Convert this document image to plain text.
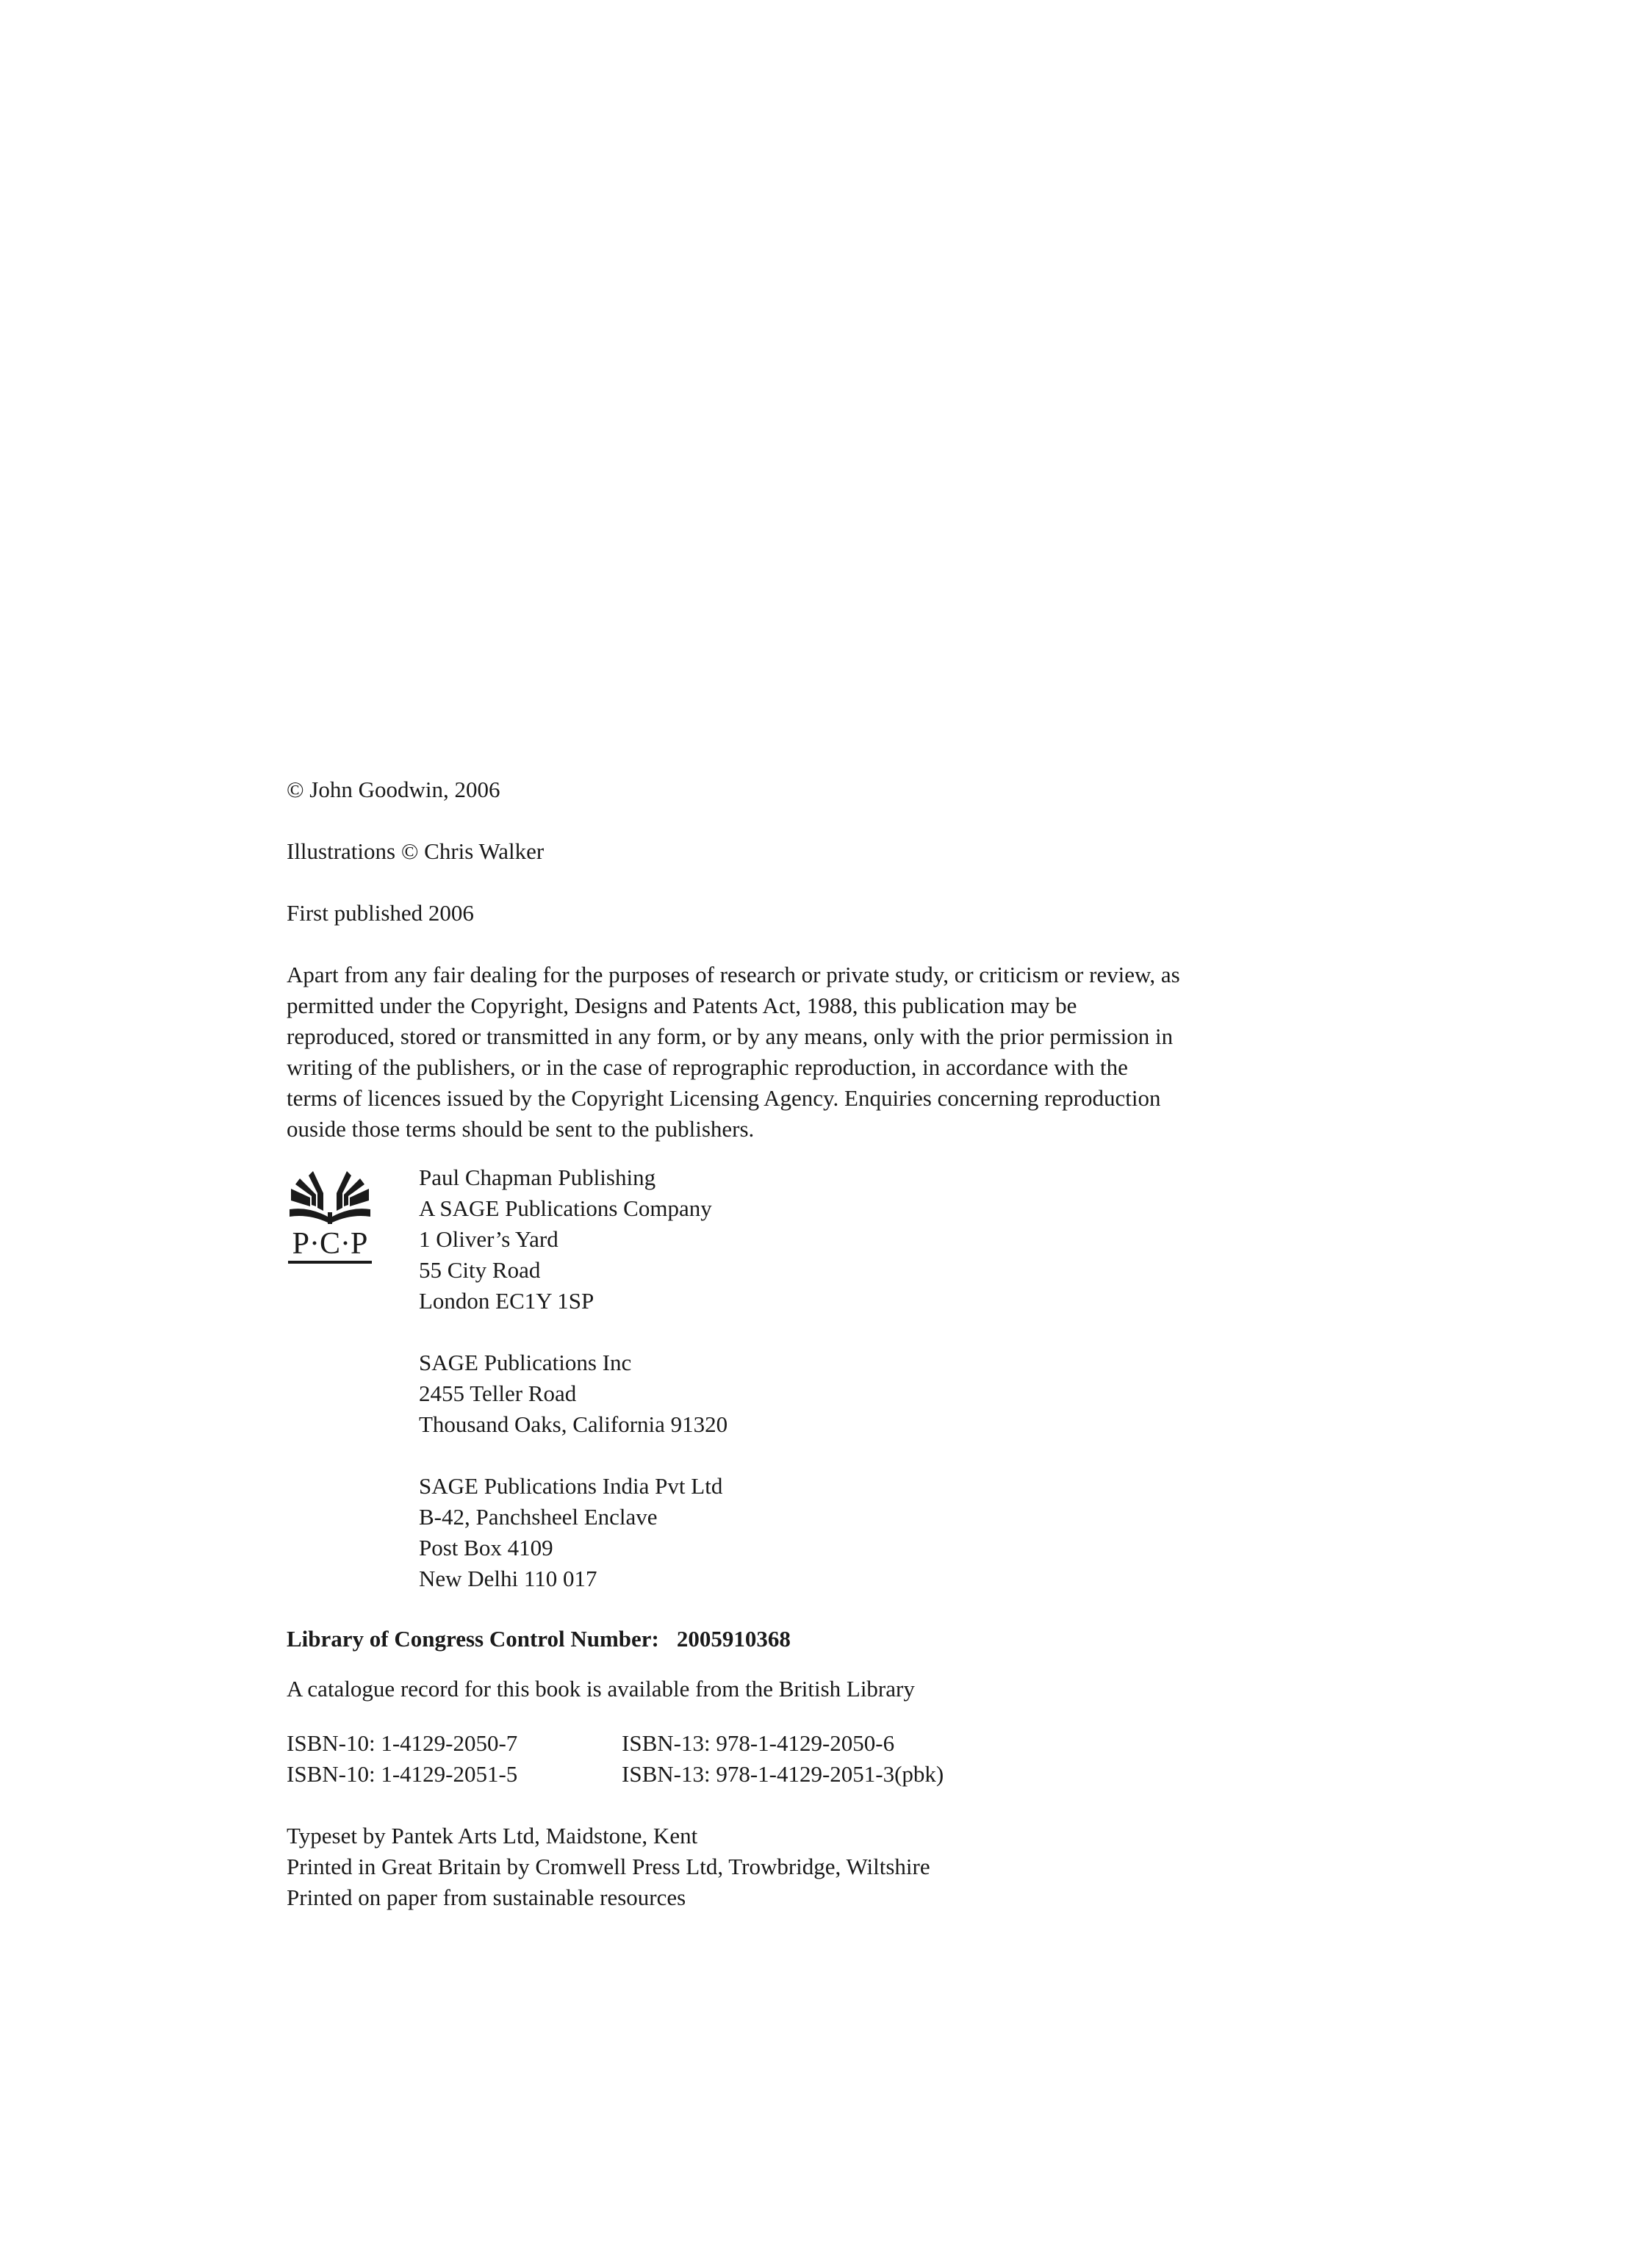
© John Goodwin, 2006
Illustrations © Chris Walker
First published 2006
Apart from any fair dealing for the purposes of research or private study, or criticism or review, as
permitted under the Copyright, Designs and Patents Act, 1988, this publication may be
reproduced, stored or transmitted in any form, or by any means, only with the prior permission in
writing of the publishers, or in the case of reprographic reproduction, in accordance with the
terms of licences issued by the Copyright Licensing Agency. Enquiries concerning reproduction
ouside those terms should be sent to the publishers.
P·C·P
Paul Chapman Publishing
A SAGE Publications Company
1 Oliver’s Yard
55 City Road
London EC1Y 1SP
SAGE Publications Inc
2455 Teller Road
Thousand Oaks, California 91320
SAGE Publications India Pvt Ltd
B-42, Panchsheel Enclave
Post Box 4109
New Delhi 110 017
Library of Congress Control Number: 2005910368
A catalogue record for this book is available from the British Library
ISBN-10: 1-4129-2050-7	ISBN-13: 978-1-4129-2050-6
ISBN-10: 1-4129-2051-5	ISBN-13: 978-1-4129-2051-3(pbk)
Typeset by Pantek Arts Ltd, Maidstone, Kent
Printed in Great Britain by Cromwell Press Ltd, Trowbridge, Wiltshire
Printed on paper from sustainable resources
